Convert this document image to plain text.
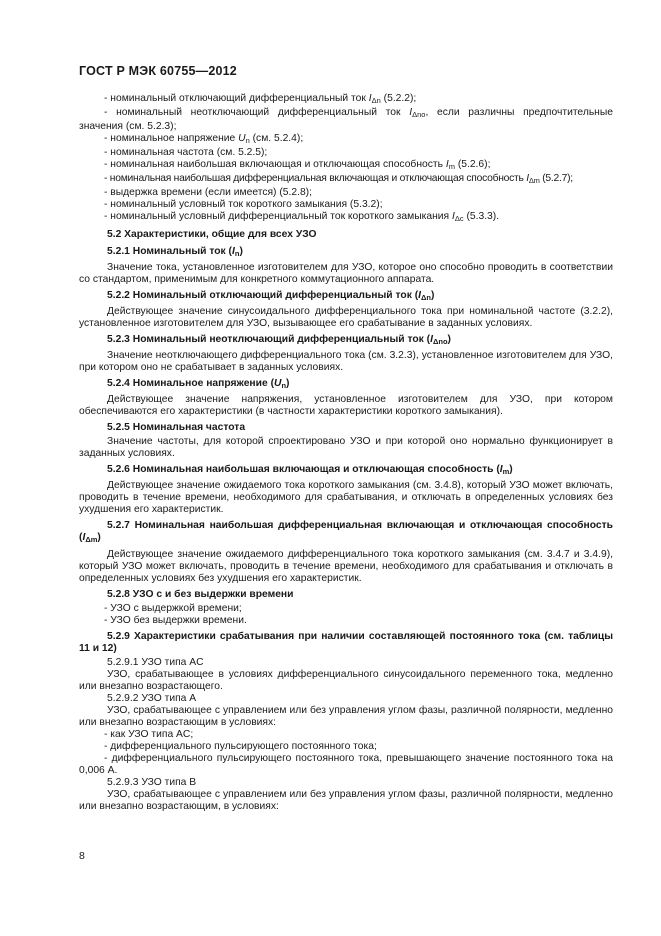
ГОСТ Р МЭК 60755—2012

- номинальный отключающий дифференциальный ток $I_{\Delta n}$ (5.2.2);

- номинальный неотключающий дифференциальный ток $I_{\Delta no}$, если различны предпочтительные значения (см. 5.2.3);

- номинальное напряжение $U_n$ (см. 5.2.4);

- номинальная частота (см. 5.2.5);

- номинальная наибольшая включающая и отключающая способность $I_m$ (5.2.6);

- номинальная наибольшая дифференциальная включающая и отключающая способность $I_{\Delta m}$ (5.2.7);

- выдержка времени (если имеется) (5.2.8);

- номинальный условный ток короткого замыкания (5.3.2);

- номинальный условный дифференциальный ток короткого замыкания $I_{\Delta c}$ (5.3.3).

5.2 Характеристики, общие для всех УЗО

5.2.1 Номинальный ток $(I_n)$

Значение тока, установленное изготовителем для УЗО, которое оно способно проводить в соответствии со стандартом, применимым для конкретного коммутационного аппарата.

5.2.2 Номинальный отключающий дифференциальный ток $(I_{\Delta n})$

Действующее значение синусоидального дифференциального тока при номинальной частоте (3.2.2), установленное изготовителем для УЗО, вызывающее его срабатывание в заданных условиях.

5.2.3 Номинальный неотключающий дифференциальный ток $(I_{\Delta no})$

Значение неотключающего дифференциального тока (см. 3.2.3), установленное изготовителем для УЗО, при котором оно не срабатывает в заданных условиях.

5.2.4 Номинальное напряжение $(U_n)$

Действующее значение напряжения, установленное изготовителем для УЗО, при котором обеспечиваются его характеристики (в частности характеристики короткого замыкания).

5.2.5 Номинальная частота

Значение частоты, для которой спроектировано УЗО и при которой оно нормально функционирует в заданных условиях.

5.2.6 Номинальная наибольшая включающая и отключающая способность $(I_m)$

Действующее значение ожидаемого тока короткого замыкания (см. 3.4.8), который УЗО может включать, проводить в течение времени, необходимого для срабатывания, и отключать в определенных условиях без ухудшения его характеристик.

5.2.7 Номинальная наибольшая дифференциальная включающая и отключающая способность $(I_{\Delta m})$

Действующее значение ожидаемого дифференциального тока короткого замыкания (см. 3.4.7 и 3.4.9), который УЗО может включать, проводить в течение времени, необходимого для срабатывания и отключать в определенных условиях без ухудшения его характеристик.

5.2.8 УЗО с и без выдержки времени

- УЗО с выдержкой времени;

- УЗО без выдержки времени.

5.2.9 Характеристики срабатывания при наличии составляющей постоянного тока (см. таблицы 11 и 12)

5.2.9.1 УЗО типа AC

УЗО, срабатывающее в условиях дифференциального синусоидального переменного тока, медленно или внезапно возрастающего.

5.2.9.2 УЗО типа A

УЗО, срабатывающее с управлением или без управления углом фазы, различной полярности, медленно или внезапно возрастающим в условиях:

- как УЗО типа AC;

- дифференциального пульсирующего постоянного тока;

- дифференциального пульсирующего постоянного тока, превышающего значение постоянного тока на 0,006 А.

5.2.9.3 УЗО типа B

УЗО, срабатывающее с управлением или без управления углом фазы, различной полярности, медленно или внезапно возрастающим, в условиях:

8
